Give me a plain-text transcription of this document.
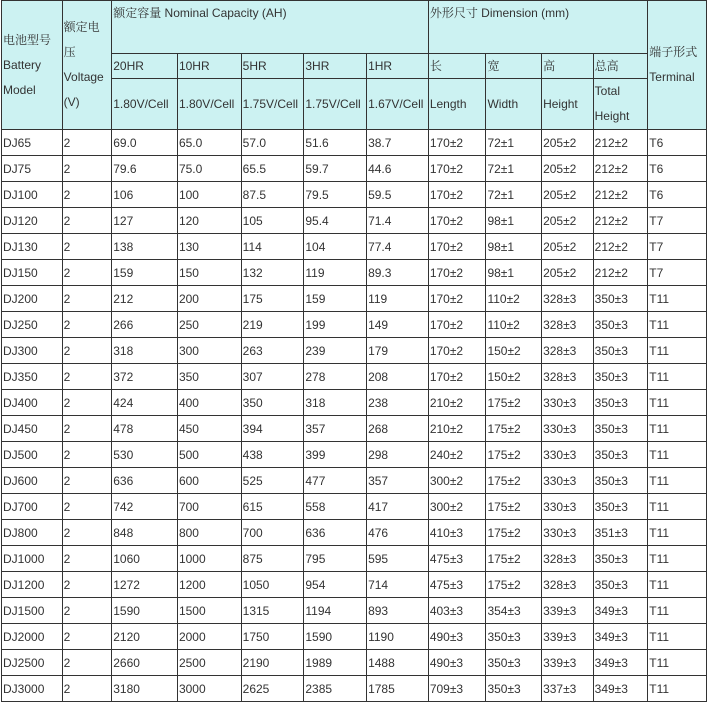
电池型号 Battery Model	额定电压 Voltage (V)	额定容量 Nominal Capacity (AH)					外形尺寸 Dimension (mm)				端子形式 Terminal
		20HR	10HR	5HR	3HR	1HR	长	宽	高	总高	
		1.80V/Cell	1.80V/Cell	1.75V/Cell	1.75V/Cell	1.67V/Cell	Length	Width	Height	Total Height	
DJ65	2	69.0	65.0	57.0	51.6	38.7	170±2	72±1	205±2	212±2	T6
DJ75	2	79.6	75.0	65.5	59.7	44.6	170±2	72±1	205±2	212±2	T6
DJ100	2	106	100	87.5	79.5	59.5	170±2	72±1	205±2	212±2	T6
DJ120	2	127	120	105	95.4	71.4	170±2	98±1	205±2	212±2	T7
DJ130	2	138	130	114	104	77.4	170±2	98±1	205±2	212±2	T7
DJ150	2	159	150	132	119	89.3	170±2	98±1	205±2	212±2	T7
DJ200	2	212	200	175	159	119	170±2	110±2	328±3	350±3	T11
DJ250	2	266	250	219	199	149	170±2	110±2	328±3	350±3	T11
DJ300	2	318	300	263	239	179	170±2	150±2	328±3	350±3	T11
DJ350	2	372	350	307	278	208	170±2	150±2	328±3	350±3	T11
DJ400	2	424	400	350	318	238	210±2	175±2	330±3	350±3	T11
DJ450	2	478	450	394	357	268	210±2	175±2	330±3	350±3	T11
DJ500	2	530	500	438	399	298	240±2	175±2	330±3	350±3	T11
DJ600	2	636	600	525	477	357	300±2	175±2	330±3	350±3	T11
DJ700	2	742	700	615	558	417	300±2	175±2	330±3	350±3	T11
DJ800	2	848	800	700	636	476	410±3	175±2	330±3	351±3	T11
DJ1000	2	1060	1000	875	795	595	475±3	175±2	328±3	350±3	T11
DJ1200	2	1272	1200	1050	954	714	475±3	175±2	328±3	350±3	T11
DJ1500	2	1590	1500	1315	1194	893	403±3	354±3	339±3	349±3	T11
DJ2000	2	2120	2000	1750	1590	1190	490±3	350±3	339±3	349±3	T11
DJ2500	2	2660	2500	2190	1989	1488	490±3	350±3	339±3	349±3	T11
DJ3000	2	3180	3000	2625	2385	1785	709±3	350±3	337±3	349±3	T11
